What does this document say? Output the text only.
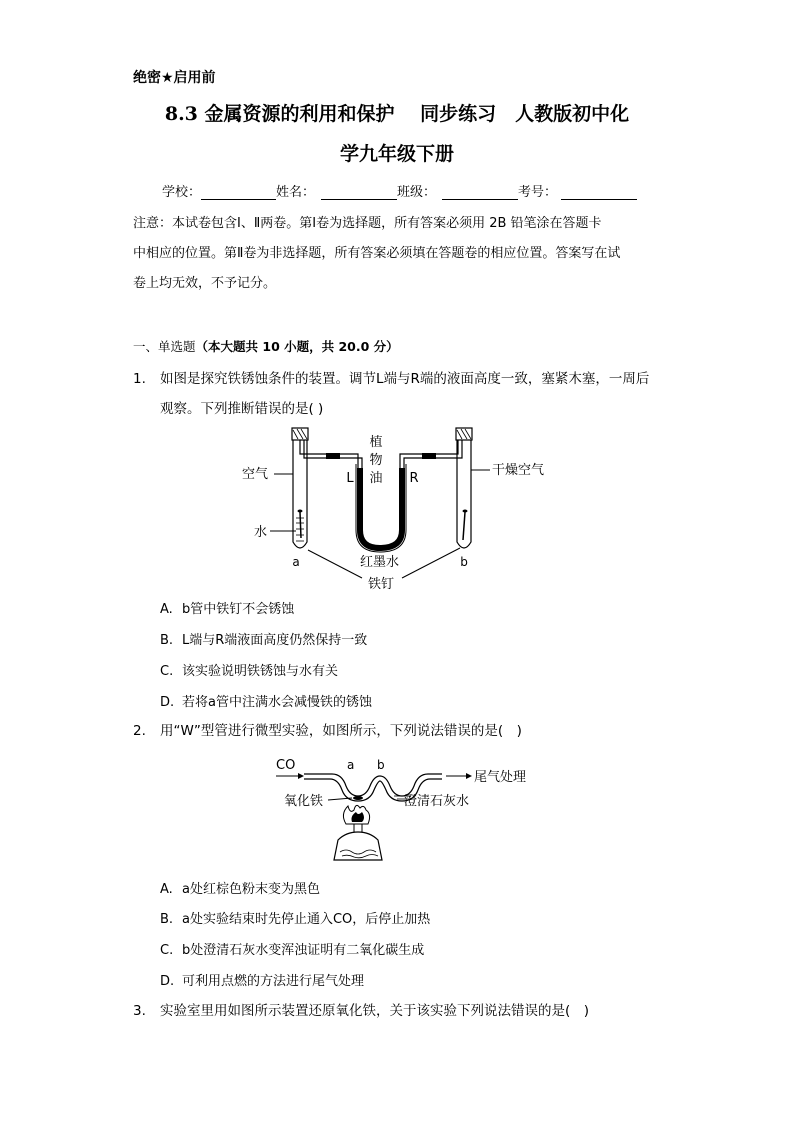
绝密★启用前
8.3 金属资源的利用和保护　 同步练习　人教版初中化
学九年级下册
学校：	姓名：	班级：	考号：
注意：本试卷包含Ⅰ、Ⅱ两卷。第Ⅰ卷为选择题，所有答案必须用 2B 铅笔涂在答题卡
中相应的位置。第Ⅱ卷为非选择题，所有答案必须填在答题卷的相应位置。答案写在试
卷上均无效，不予记分。
一、单选题（本大题共 10 小题，共 20.0 分）
1. 如图是探究铁锈蚀条件的装置。调节L端与R端的液面高度一致，塞紧木塞，一周后
观察。下列推断错误的是( )
植
物
油
L	R
空气	干燥空气
水
红墨水
a	b
铁钉
A. b管中铁钉不会锈蚀
B. L端与R端液面高度仍然保持一致
C. 该实验说明铁锈蚀与水有关
D. 若将a管中注满水会减慢铁的锈蚀
2. 用“W”型管进行微型实验，如图所示，下列说法错误的是(　)
CO	a b
尾气处理
氧化铁	澄清石灰水
A. a处红棕色粉末变为黑色
B. a处实验结束时先停止通入CO，后停止加热
C. b处澄清石灰水变浑浊证明有二氧化碳生成
D. 可利用点燃的方法进行尾气处理
3. 实验室里用如图所示装置还原氧化铁，关于该实验下列说法错误的是(　)
